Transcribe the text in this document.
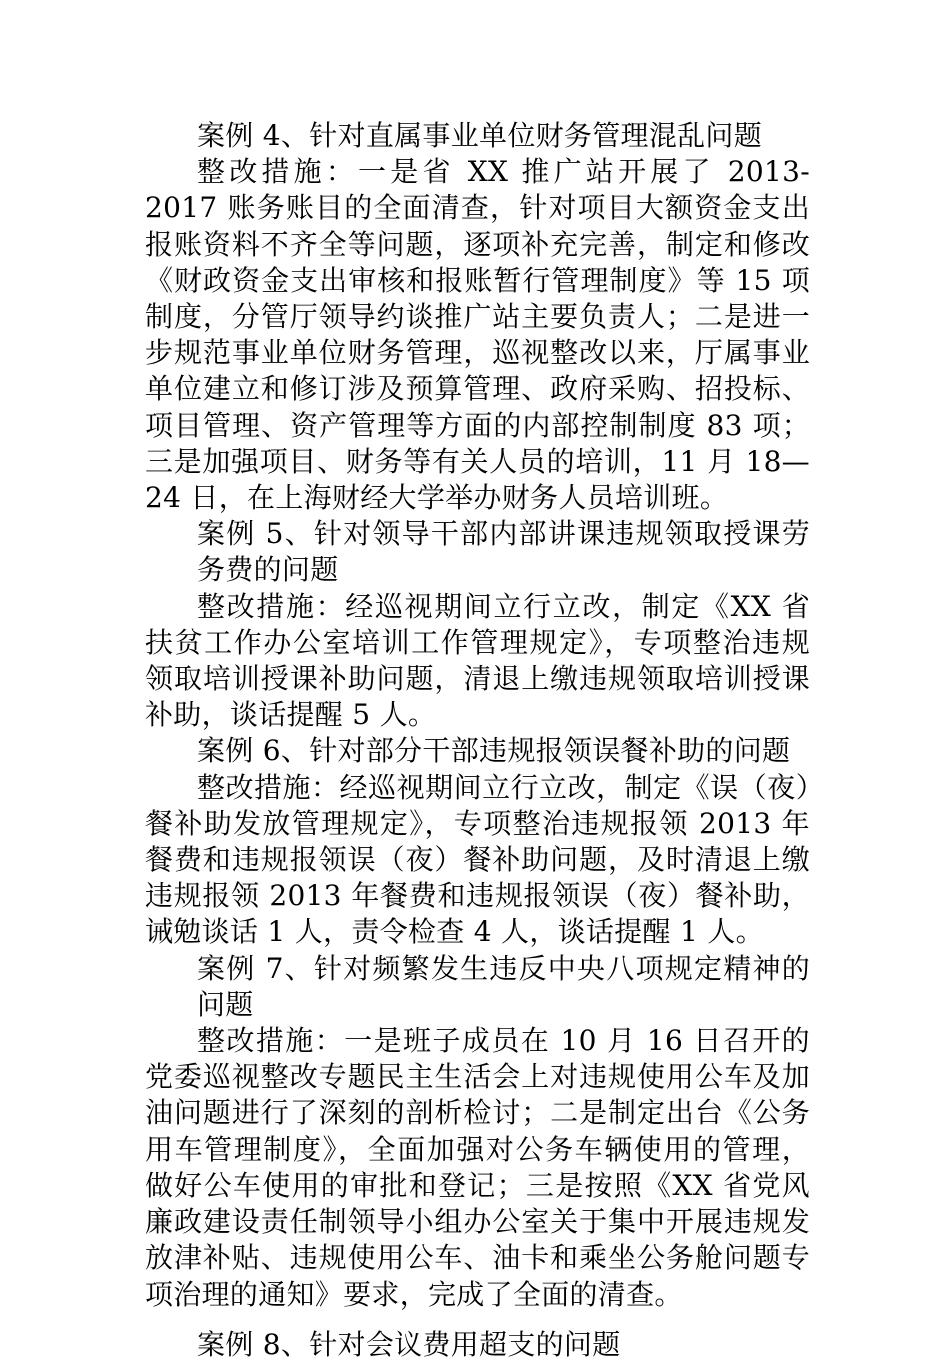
案例 4、针对直属事业单位财务管理混乱问题

整改措施：一是省 XX 推广站开展了 2013-2017 账务账目的全面清查，针对项目大额资金支出报账资料不齐全等问题，逐项补充完善，制定和修改《财政资金支出审核和报账暂行管理制度》等 15 项制度，分管厅领导约谈推广站主要负责人；二是进一步规范事业单位财务管理，巡视整改以来，厅属事业单位建立和修订涉及预算管理、政府采购、招投标、项目管理、资产管理等方面的内部控制制度 83 项；三是加强项目、财务等有关人员的培训，11 月 18—24 日，在上海财经大学举办财务人员培训班。

案例 5、针对领导干部内部讲课违规领取授课劳务费的问题

整改措施：经巡视期间立行立改，制定《XX 省扶贫工作办公室培训工作管理规定》，专项整治违规领取培训授课补助问题，清退上缴违规领取培训授课补助，谈话提醒 5 人。

案例 6、针对部分干部违规报领误餐补助的问题

整改措施：经巡视期间立行立改，制定《误（夜）餐补助发放管理规定》，专项整治违规报领 2013 年餐费和违规报领误（夜）餐补助问题，及时清退上缴违规报领 2013 年餐费和违规报领误（夜）餐补助，诫勉谈话 1 人，责令检查 4 人，谈话提醒 1 人。

案例 7、针对频繁发生违反中央八项规定精神的问题

整改措施：一是班子成员在 10 月 16 日召开的党委巡视整改专题民主生活会上对违规使用公车及加油问题进行了深刻的剖析检讨；二是制定出台《公务用车管理制度》，全面加强对公务车辆使用的管理，做好公车使用的审批和登记；三是按照《XX 省党风廉政建设责任制领导小组办公室关于集中开展违规发放津补贴、违规使用公车、油卡和乘坐公务舱问题专项治理的通知》要求，完成了全面的清查。

案例 8、针对会议费用超支的问题
